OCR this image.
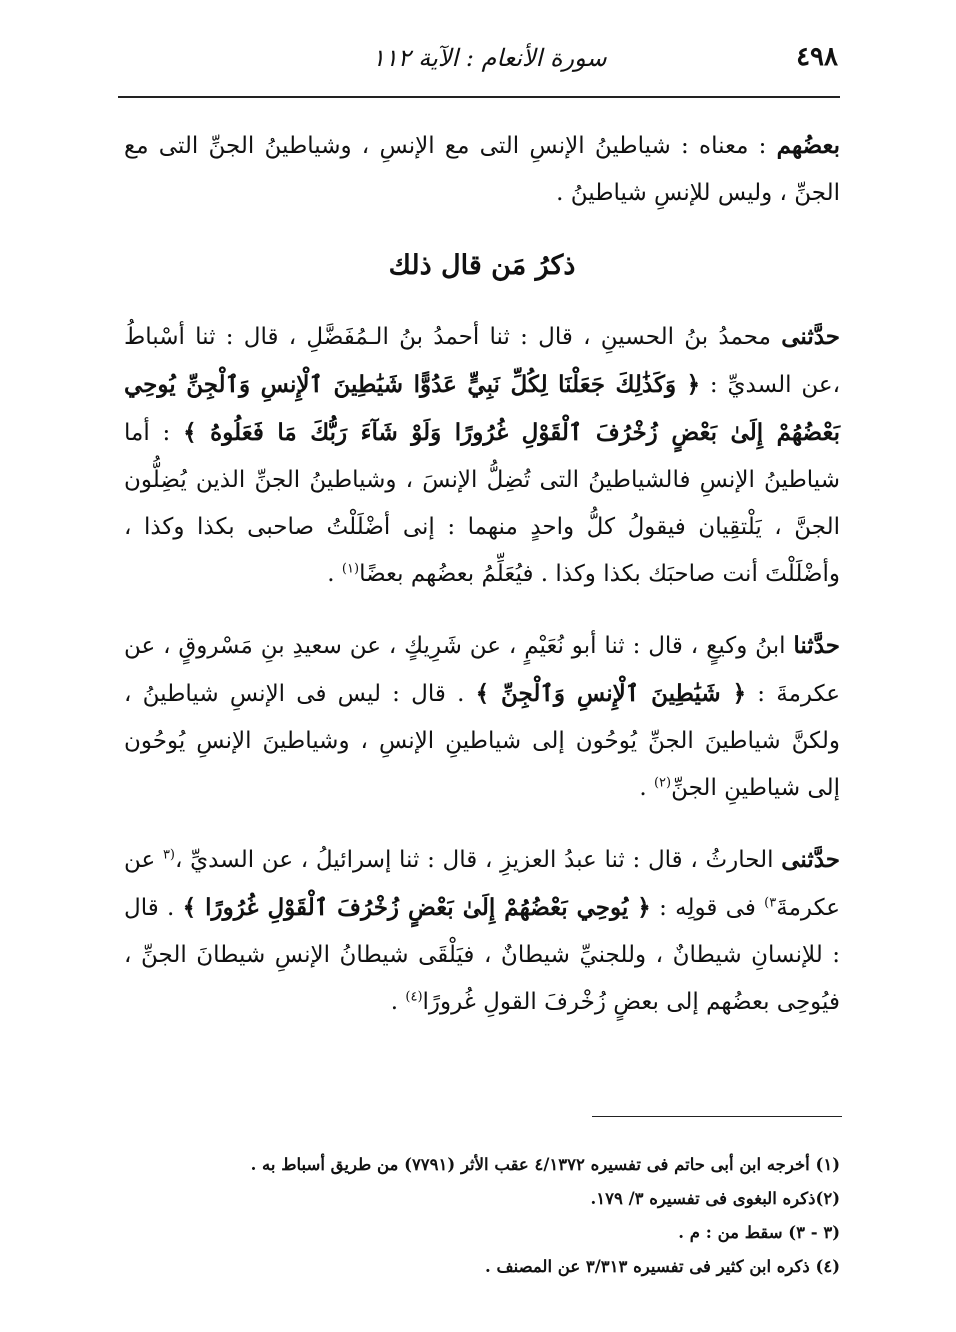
٤٩٨
سورة الأنعام : الآية ١١٢

بعضُهم : معناه : شياطينُ الإنسِ التى مع الإنسِ ، وشياطينُ الجنِّ التى مع الجنِّ ، وليس للإنسِ شياطينُ .

ذكرُ مَن قال ذلك

حدَّثنى محمدُ بنُ الحسينِ ، قال : ثنا أحمدُ بنُ الـمُفَضَّلِ ، قال : ثنا أسْباطُ ،عن السديِّ : ﴿ وَكَذَٰلِكَ جَعَلْنَا لِكُلِّ نَبِيٍّ عَدُوًّا شَيَٰطِينَ ٱلْإِنسِ وَٱلْجِنِّ يُوحِي بَعْضُهُمْ إِلَىٰ بَعْضٍ زُخْرُفَ ٱلْقَوْلِ غُرُورًا وَلَوْ شَآءَ رَبُّكَ مَا فَعَلُوهُ ﴾ : أما شياطينُ الإنسِ فالشياطينُ التى تُضِلُّ الإنسَ ، وشياطينُ الجنِّ الذين يُضِلُّون الجنَّ ، يَلْتقِيان فيقولُ كلُّ واحدٍ منهما : إنى أضْلَلْتُ صاحبى بكذا وكذا ، وأضْلَلْتَ أنت صاحبَك بكذا وكذا . فيُعَلِّمُ بعضُهم بعضًا$^{(١)}$ .

حدَّثنا ابنُ وكيعٍ ، قال : ثنا أبو نُعَيْمٍ ، عن شَرِيكٍ ، عن سعيدِ بنِ مَسْروقٍ ، عن عكرمةَ : ﴿ شَيَٰطِينَ ٱلْإِنسِ وَٱلْجِنِّ ﴾ . قال : ليس فى الإنسِ شياطينُ ، ولكنَّ شياطينَ الجنِّ يُوحُون إلى شياطينِ الإنسِ ، وشياطينَ الإنسِ يُوحُون إلى شياطينِ الجنِّ$^{(٢)}$ .

حدَّثنى الحارثُ ، قال : ثنا عبدُ العزيزِ ، قال : ثنا إسرائيلُ ، عن السديِّ ،$^{(٣}$ عن عكرمةَ$^{٣)}$ فى قولِه : ﴿ يُوحِي بَعْضُهُمْ إِلَىٰ بَعْضٍ زُخْرُفَ ٱلْقَوْلِ غُرُورًا ﴾ . قال : للإنسانِ شيطانٌ ، وللجنيِّ شيطانٌ ، فيَلْقَى شيطانُ الإنسِ شيطانَ الجنِّ ، فيُوحِى بعضُهم إلى بعضٍ زُخْرفَ القولِ غُرورًا$^{(٤)}$ .

(١) أخرجه ابن أبى حاتم فى تفسيره ٤/١٣٧٢ عقب الأثر (٧٧٩١) من طريق أسباط به .
(٢)ذكره البغوى فى تفسيره ٣/ ١٧٩.
(٣ - ٣) سقط من : م .
(٤) ذكره ابن كثير فى تفسيره ٣/٣١٣ عن المصنف .
